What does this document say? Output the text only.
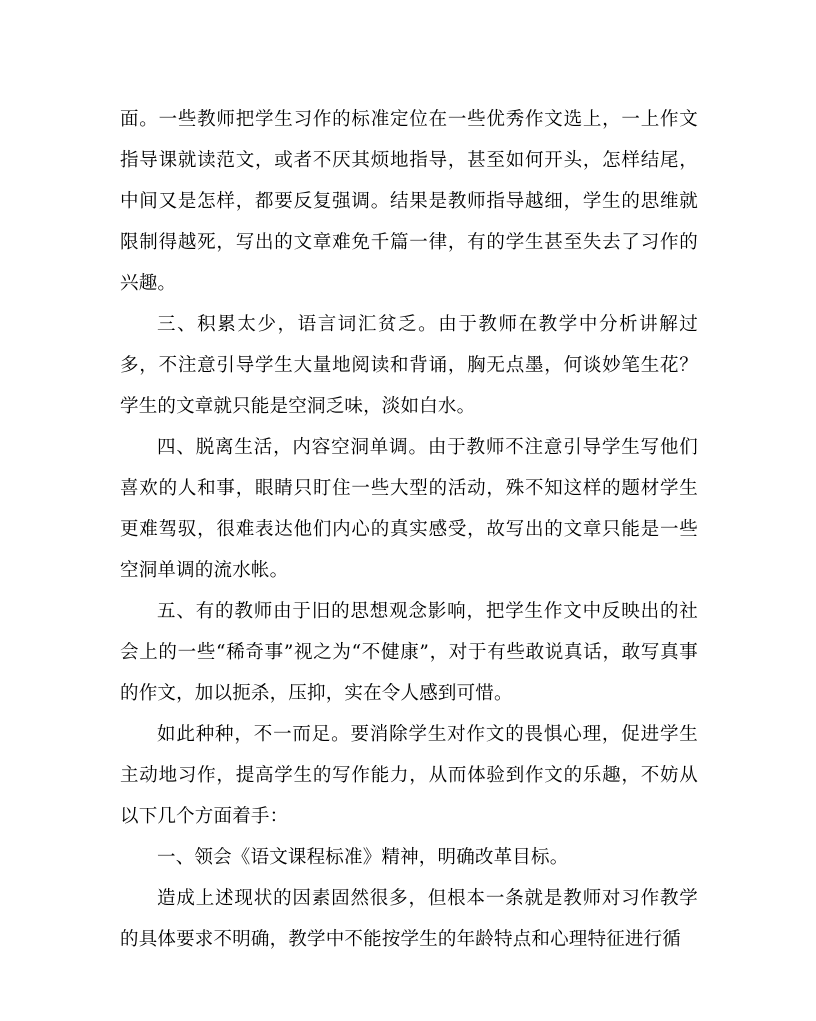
面。一些教师把学生习作的标准定位在一些优秀作文选上，一上作文指导课就读范文，或者不厌其烦地指导，甚至如何开头，怎样结尾，中间又是怎样，都要反复强调。结果是教师指导越细，学生的思维就限制得越死，写出的文章难免千篇一律，有的学生甚至失去了习作的兴趣。

三、积累太少，语言词汇贫乏。由于教师在教学中分析讲解过多，不注意引导学生大量地阅读和背诵，胸无点墨，何谈妙笔生花？学生的文章就只能是空洞乏味，淡如白水。

四、脱离生活，内容空洞单调。由于教师不注意引导学生写他们喜欢的人和事，眼睛只盯住一些大型的活动，殊不知这样的题材学生更难驾驭，很难表达他们内心的真实感受，故写出的文章只能是一些空洞单调的流水帐。

五、有的教师由于旧的思想观念影响，把学生作文中反映出的社会上的一些“稀奇事”视之为“不健康”，对于有些敢说真话，敢写真事的作文，加以扼杀，压抑，实在令人感到可惜。

如此种种，不一而足。要消除学生对作文的畏惧心理，促进学生主动地习作，提高学生的写作能力，从而体验到作文的乐趣，不妨从以下几个方面着手：

一、领会《语文课程标准》精神，明确改革目标。

造成上述现状的因素固然很多，但根本一条就是教师对习作教学的具体要求不明确，教学中不能按学生的年龄特点和心理特征进行循
